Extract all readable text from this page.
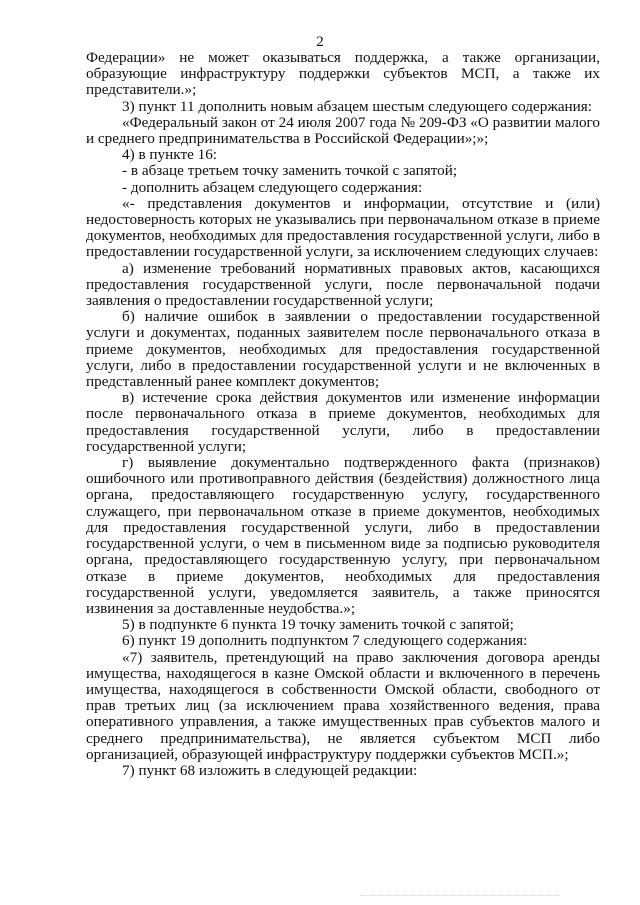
2

Федерации» не может оказываться поддержка, а также организации, образующие инфраструктуру поддержки субъектов МСП, а также их представители.»;

3) пункт 11 дополнить новым абзацем шестым следующего содержания:

«Федеральный закон от 24 июля 2007 года № 209-ФЗ «О развитии малого и среднего предпринимательства в Российской Федерации»;»;

4) в пункте 16:

- в абзаце третьем точку заменить точкой с запятой;

- дополнить абзацем следующего содержания:

«- представления документов и информации, отсутствие и (или) недостоверность которых не указывались при первоначальном отказе в приеме документов, необходимых для предоставления государственной услуги, либо в предоставлении государственной услуги, за исключением следующих случаев:

а) изменение требований нормативных правовых актов, касающихся предоставления государственной услуги, после первоначальной подачи заявления о предоставлении государственной услуги;

б) наличие ошибок в заявлении о предоставлении государственной услуги и документах, поданных заявителем после первоначального отказа в приеме документов, необходимых для предоставления государственной услуги, либо в предоставлении государственной услуги и не включенных в представленный ранее комплект документов;

в) истечение срока действия документов или изменение информации после первоначального отказа в приеме документов, необходимых для предоставления государственной услуги, либо в предоставлении государственной услуги;

г) выявление документально подтвержденного факта (признаков) ошибочного или противоправного действия (бездействия) должностного лица органа, предоставляющего государственную услугу, государственного служащего, при первоначальном отказе в приеме документов, необходимых для предоставления государственной услуги, либо в предоставлении государственной услуги, о чем в письменном виде за подписью руководителя органа, предоставляющего государственную услугу, при первоначальном отказе в приеме документов, необходимых для предоставления государственной услуги, уведомляется заявитель, а также приносятся извинения за доставленные неудобства.»;

5) в подпункте 6 пункта 19 точку заменить точкой с запятой;

6) пункт 19 дополнить подпунктом 7 следующего содержания:

«7) заявитель, претендующий на право заключения договора аренды имущества, находящегося в казне Омской области и включенного в перечень имущества, находящегося в собственности Омской области, свободного от прав третьих лиц (за исключением права хозяйственного ведения, права оперативного управления, а также имущественных прав субъектов малого и среднего предпринимательства), не является субъектом МСП либо организацией, образующей инфраструктуру поддержки субъектов МСП.»;

7) пункт 68 изложить в следующей редакции:
